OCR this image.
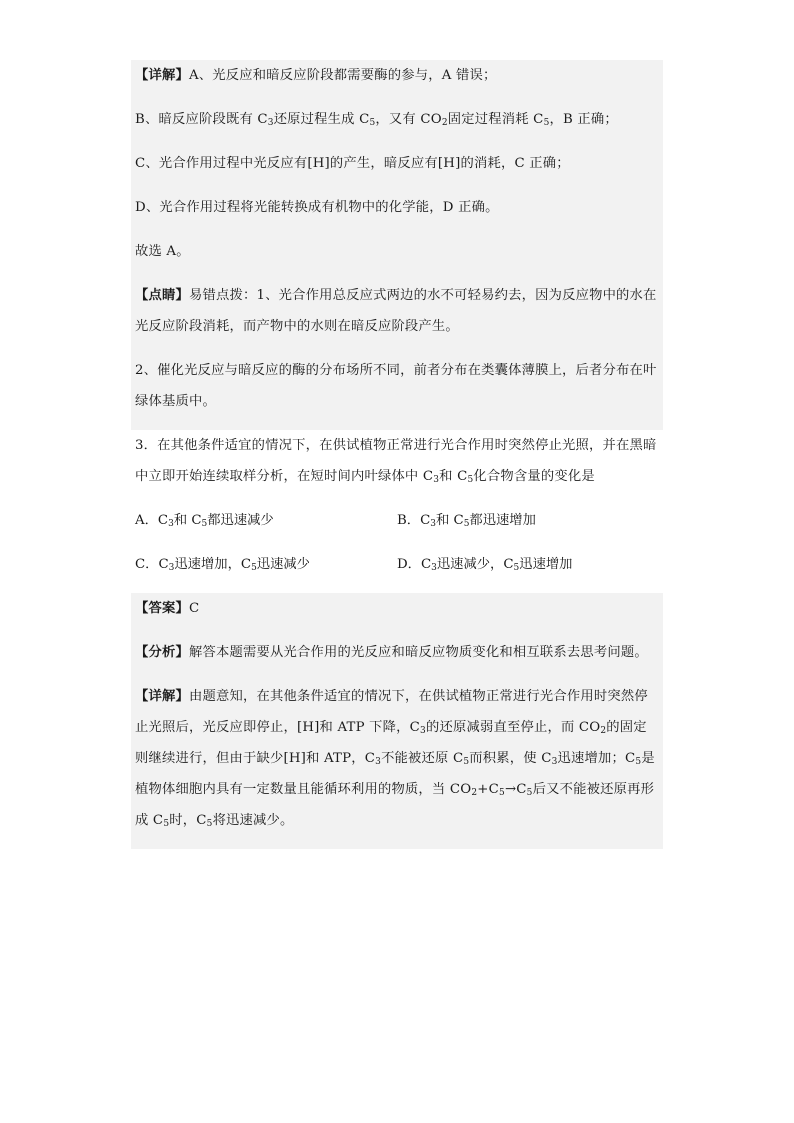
【详解】A、光反应和暗反应阶段都需要酶的参与，A 错误；

B、暗反应阶段既有 $C_3$还原过程生成 $C_5$，又有 $CO_2$固定过程消耗 $C_5$，B 正确；

C、光合作用过程中光反应有[H]的产生，暗反应有[H]的消耗，C 正确；

D、光合作用过程将光能转换成有机物中的化学能，D 正确。

故选 A。

【点睛】易错点拨：1、光合作用总反应式两边的水不可轻易约去，因为反应物中的水在光反应阶段消耗，而产物中的水则在暗反应阶段产生。

2、催化光反应与暗反应的酶的分布场所不同，前者分布在类囊体薄膜上，后者分布在叶绿体基质中。

3．在其他条件适宜的情况下，在供试植物正常进行光合作用时突然停止光照，并在黑暗中立即开始连续取样分析，在短时间内叶绿体中 $C_3$和 $C_5$化合物含量的变化是

A．$C_3$和 $C_5$都迅速减少	B．$C_3$和 $C_5$都迅速增加
C．$C_3$迅速增加，$C_5$迅速减少	D．$C_3$迅速减少，$C_5$迅速增加

【答案】C

【分析】解答本题需要从光合作用的光反应和暗反应物质变化和相互联系去思考问题。

【详解】由题意知，在其他条件适宜的情况下，在供试植物正常进行光合作用时突然停止光照后，光反应即停止，[H]和 ATP 下降，$C_3$的还原减弱直至停止，而 $CO_2$的固定则继续进行，但由于缺少[H]和 ATP，$C_3$不能被还原 $C_5$而积累，使 $C_3$迅速增加；$C_5$是植物体细胞内具有一定数量且能循环利用的物质，当 $CO_2+C_5\to C_5$后又不能被还原再形成 $C_5$时，$C_5$将迅速减少。
